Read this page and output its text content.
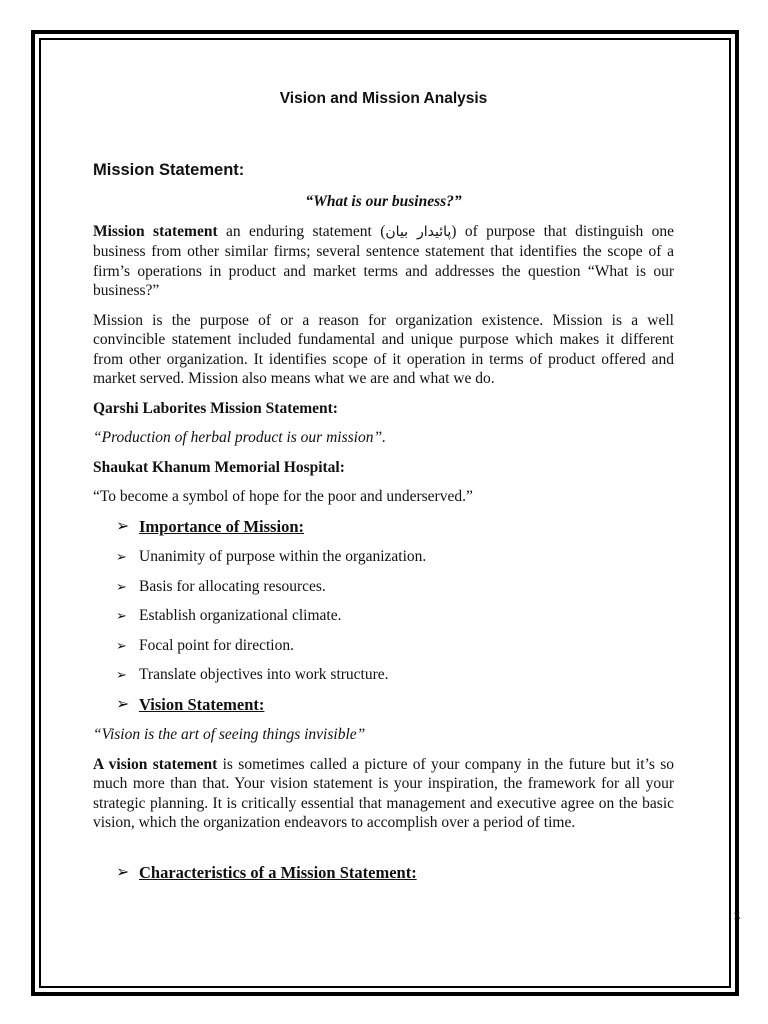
Vision and Mission Analysis
Mission Statement:

“What is our business?”

Mission statement an enduring statement (پائیدار بیان) of purpose that distinguish one business from other similar firms; several sentence statement that identifies the scope of a firm’s operations in product and market terms and addresses the question “What is our business?”

Mission is the purpose of or a reason for organization existence. Mission is a well convincible statement included fundamental and unique purpose which makes it different from other organization. It identifies scope of it operation in terms of product offered and market served. Mission also means what we are and what we do.

Qarshi Laborites Mission Statement:

“Production of herbal product is our mission”.

Shaukat Khanum Memorial Hospital:

“To become a symbol of hope for the poor and underserved.”

➢ Importance of Mission:
➢ Unanimity of purpose within the organization.
➢ Basis for allocating resources.
➢ Establish organizational climate.
➢ Focal point for direction.
➢ Translate objectives into work structure.
➢ Vision Statement:

“Vision is the art of seeing things invisible”

A vision statement is sometimes called a picture of your company in the future but it’s so much more than that. Your vision statement is your inspiration, the framework for all your strategic planning. It is critically essential that management and executive agree on the basic vision, which the organization endeavors to accomplish over a period of time.

➢ Characteristics of a Mission Statement:
z
